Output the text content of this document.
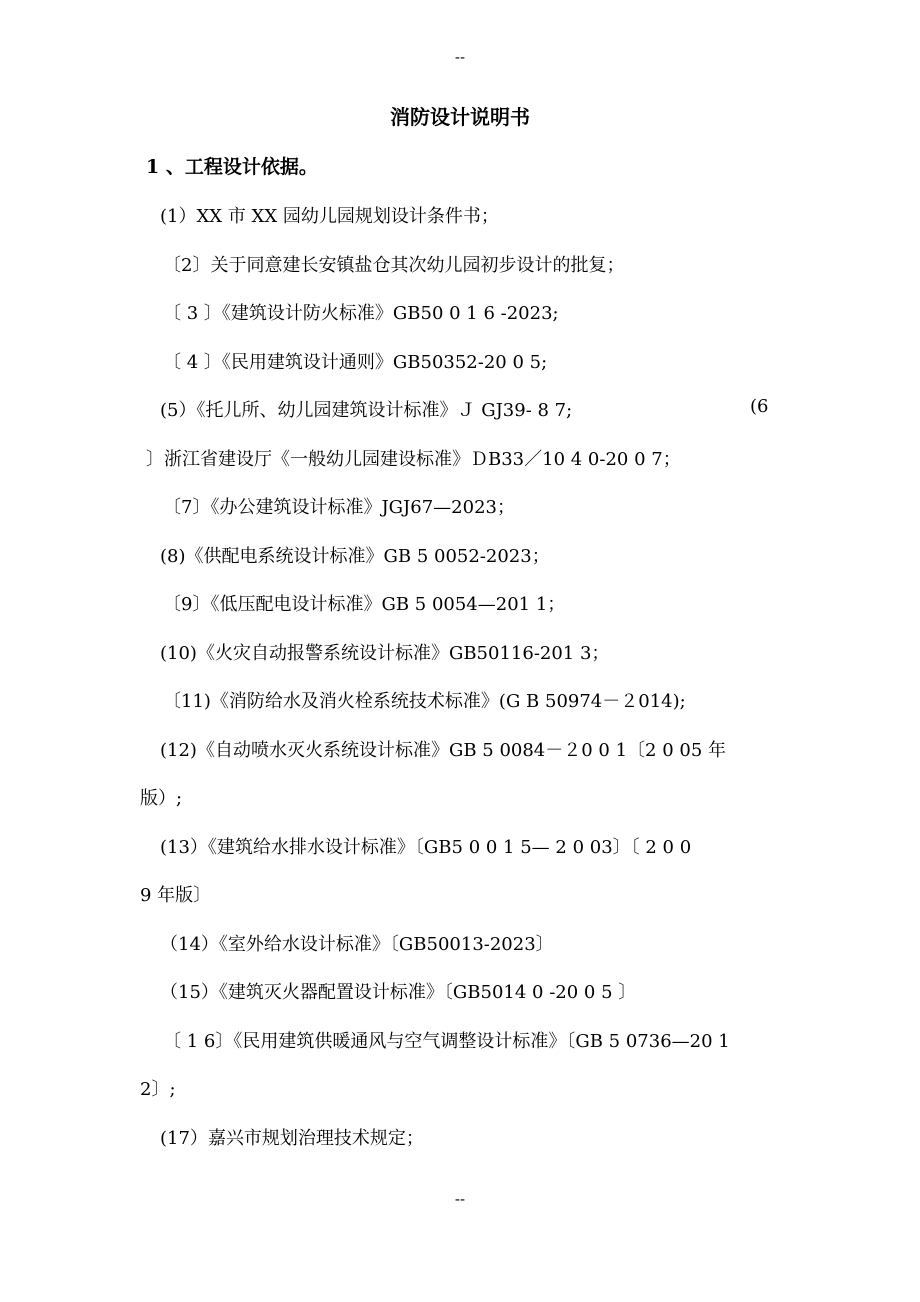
--
消防设计说明书
1 、工程设计依据。
(1）XX 市 XX 园幼儿园规划设计条件书；
〔2〕关于同意建长安镇盐仓其次幼儿园初步设计的批复；
〔 3 〕《建筑设计防火标准》GB50 0 1 6 -2023;
〔 4 〕《民用建筑设计通则》GB50352-20 0 5;
(5）《托儿所、幼儿园建筑设计标准》Ｊ GJ39- 8 7;	(6
〕浙江省建设厅《一般幼儿园建设标准》ＤB33／10 4 0-20 0 7；
〔7〕《办公建筑设计标准》JGJ67—2023；
(8)《供配电系统设计标准》GB 5 0052-2023；
〔9〕《低压配电设计标准》GB 5 0054—201 1；
(10)《火灾自动报警系统设计标准》GB50116-201 3；
〔11)《消防给水及消火栓系统技术标准》(G B 50974－２014);
(12)《自动喷水灭火系统设计标准》GB 5 0084－２0 0 1〔2 0 05 年
版）;
(13）《建筑给水排水设计标准》〔GB5 0 0 1 5— 2 0 03〕〔 2 0 0
9 年版〕
（14）《室外给水设计标准》〔GB50013-2023〕
（15）《建筑灭火器配置设计标准》〔GB5014 0 -20 0 5 〕
〔 1 6〕《民用建筑供暖通风与空气调整设计标准》〔GB 5 0736—20 1
2〕;
(17）嘉兴市规划治理技术规定；
--
